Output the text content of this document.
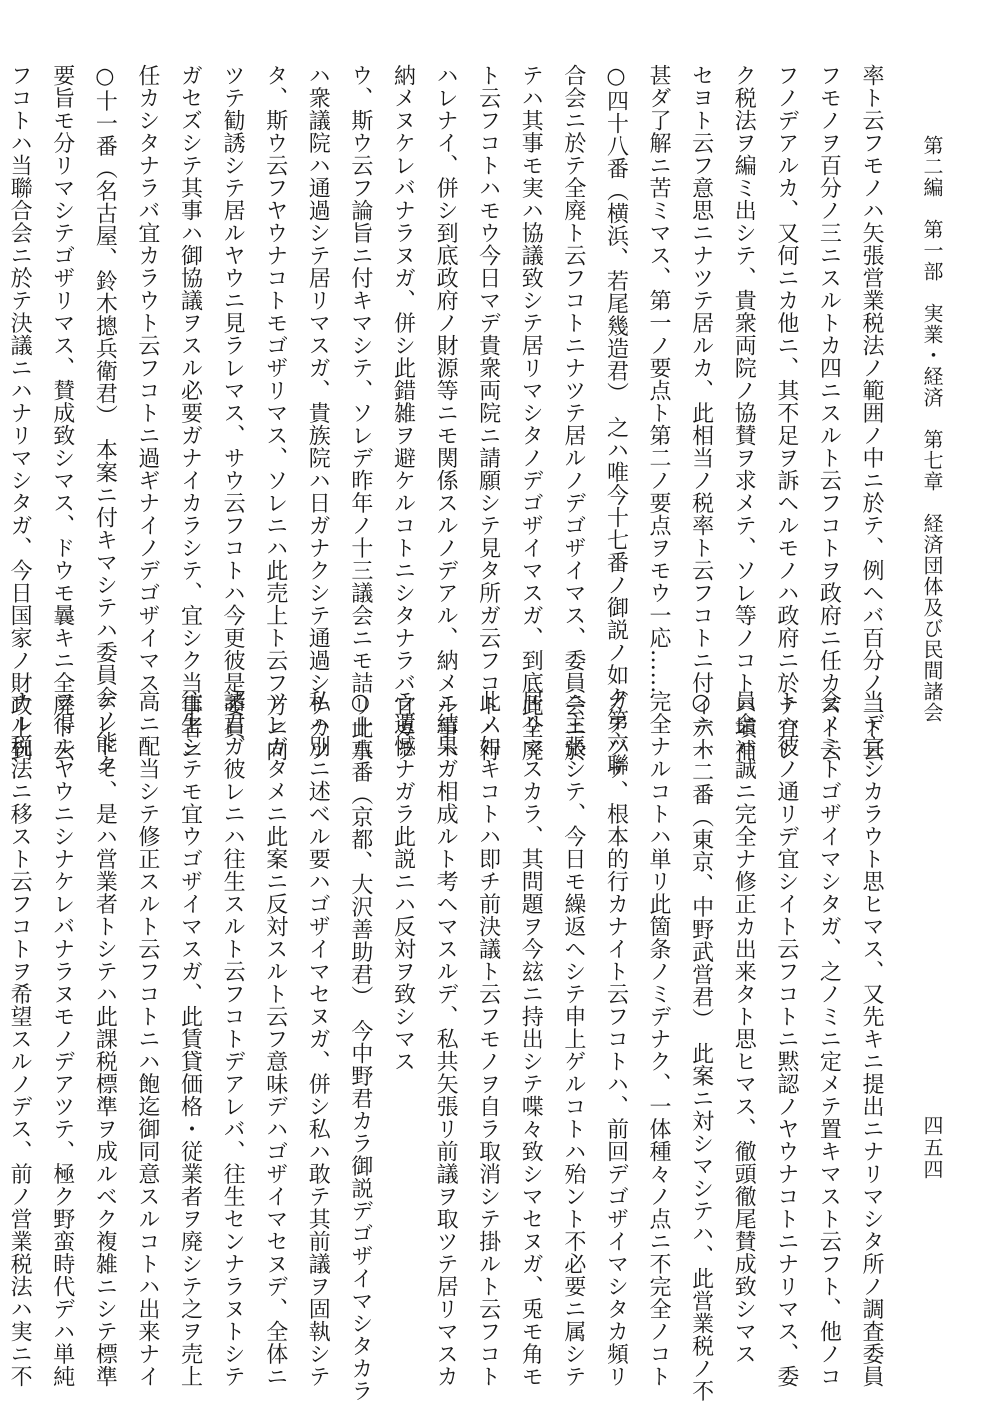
第二編　第一部　実業・経済　第七章　経済団体及び民間諸会
四五四
率ト云フモノハ矢張営業税法ノ範囲ノ中ニ於テ、例ヘバ百分ノ二ト云
フモノヲ百分ノ三ニスルトカ四ニスルト云フコトヲ政府ニ任カスト云
フノデアルカ、又何ニカ他ニ、其不足ヲ訴ヘルモノハ政府ニ於テ宜シ
ク税法ヲ編ミ出シテ、貴衆両院ノ協賛ヲ求メテ、ソレ等ノコトハ塡補
セヨト云フ意思ニナツテ居ルカ、此相当ノ税率ト云フコトニ付イテハ
甚ダ了解ニ苦ミマス、第一ノ要点ト第二ノ要点ヲモウ一応……
○四十八番（横浜、若尾幾造君）　之ハ唯今十七番ノ御説ノ如ク第六聯
合会ニ於テ全廃ト云フコトニナツテ居ルノデゴザイマス、委員会ニ於
テハ其事モ実ハ協議致シテ居リマシタノデゴザイマスガ、到底此全廃
ト云フコトハモウ今日マデ貴衆両院ニ請願シテ見タ所ガ云フコトハ行
ハレナイ、併シ到底政府ノ財源等ニモ関係スルノデアル、納メル事ハ
納メヌケレバナラヌガ、併シ此錯雑ヲ避ケルコトニシタナラバ宜カラ
ウ、斯ウ云フ論旨ニ付キマシテ、ソレデ昨年ノ十三議会ニモ詰リ此事
ハ衆議院ハ通過シテ居リマスガ、貴族院ハ日ガナクシテ通過シナカツ
タ、斯ウ云フヤウナコトモゴザリマス、ソレニハ此売上ト云フ方ニ向
ツテ勧誘シテ居ルヤウニ見ラレマス、サウ云フコトハ今更彼是委員
ガセズシテ其事ハ御協議ヲスル必要ガナイカラシテ、宜シク当事者ニ
任カシタナラバ宜カラウト云フコトニ過ギナイノデゴザイマス
○十一番（名古屋、鈴木摠兵衛君）　本案ニ付キマシテハ委員会ノ能ク
要旨モ分リマシテゴザリマス、賛成致シマス、ドウモ曩キニ全廃ト云
フコトハ当聯合会ニ於テ決議ニハナリマシタガ、今日国家ノ財政上到
当デ宜シカラウト思ヒマス、又先キニ提出ニナリマシタ所ノ調査委員
会ノミトゴザイマシタガ、之ノミニ定メテ置キマスト云フト、他ノコ
トハ彼ノ通リデ宜シイト云フコトニ黙認ノヤウナコトニナリマス、委
員会ハ誠ニ完全ナ修正カ出来タト思ヒマス、徹頭徹尾賛成致シマス
○六十二番（東京、中野武営君）　此案ニ対シマシテハ、此営業税ノ不
完全ナルコトハ単リ此箇条ノミデナク、一体種々ノ点ニ不完全ノコト
ガアツテ、根本的行カナイト云フコトハ、前回デゴザイマシタカ頻リ
ニ主張シテ、今日モ繰返ヘシテ申上ゲルコトハ殆ント不必要ニ属シテ
居リマスカラ、其問題ヲ今玆ニ持出シテ喋々致シマセヌガ、兎モ角モ
此ノ如キコトハ即チ前決議ト云フモノヲ自ラ取消シテ掛ルト云フコト
ニ結果ガ相成ルト考ヘマスルデ、私共矢張リ前議ヲ取ツテ居リマスカ
ラ遺憾ナガラ此説ニハ反対ヲ致シマス
○十八番（京都、大沢善助君）　今中野君カラ御説デゴザイマシタカラ
私ハ別ニ述ベル要ハゴザイマセヌガ、併シ私ハ敢テ其前議ヲ固執シテ
ソレガタメニ此案ニ反対スルト云フ意味デハゴザイマセヌデ、全体ニ
諸君ガ彼レニハ往生スルト云フコトデアレバ、往生センナラヌトシテ
往生シテモ宜ウゴザイマスガ、此賃貸価格・従業者ヲ廃シテ之ヲ売上
高ニ配当シテ修正スルト云フコトニハ飽迄御同意スルコトハ出来ナイ
ケレドモ、是ハ営業者トシテハ此課税標準ヲ成ルベク複雑ニシテ標準
ヲ得ルヤウニシナケレバナラヌモノデアツテ、極ク野蛮時代デハ単純
ナル税法ニ移スト云フコトヲ希望スルノデス、前ノ営業税法ハ実ニ不
